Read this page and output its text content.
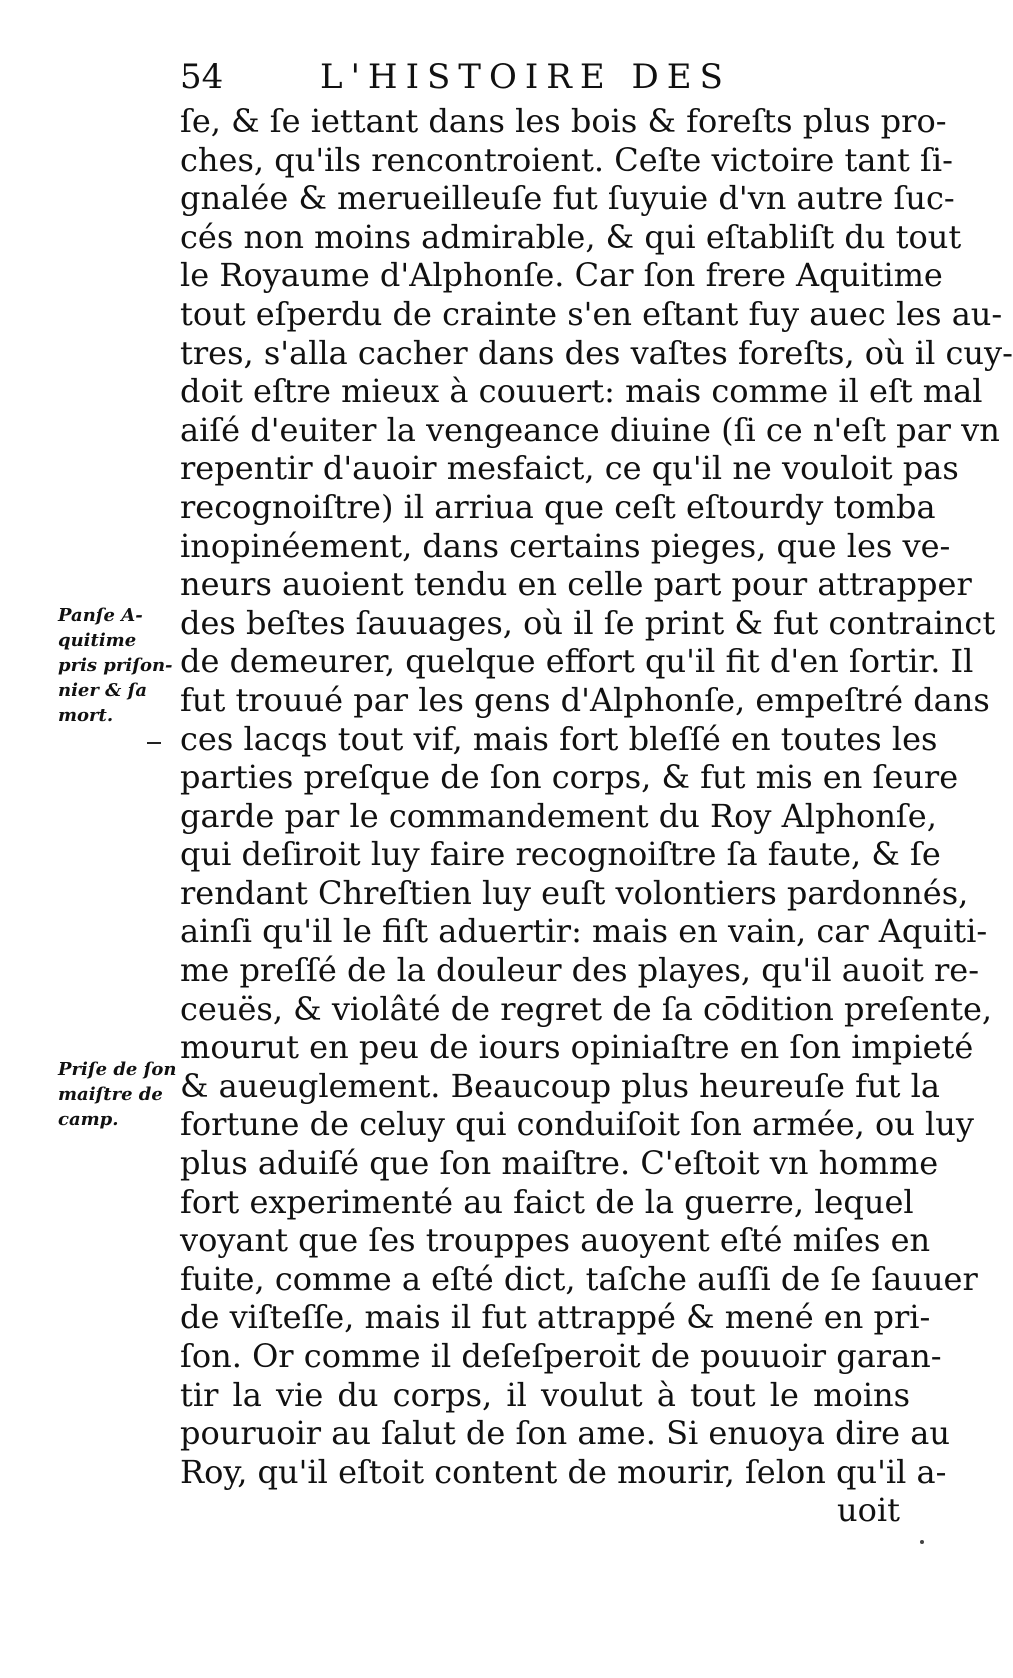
54	L'HISTOIRE DES
ſe, & ſe iettant dans les bois & foreſts plus pro-
ches, qu'ils rencontroient. Ceſte victoire tant ſi-
gnalée & merueilleuſe fut ſuyuie d'vn autre ſuc-
cés non moins admirable, & qui eſtabliſt du tout
le Royaume d'Alphonſe. Car ſon frere Aquitime
tout eſperdu de crainte s'en eſtant fuy auec les au-
tres, s'alla cacher dans des vaſtes foreſts, où il cuy-
doit eſtre mieux à couuert: mais comme il eſt mal
aiſé d'euiter la vengeance diuine (ſi ce n'eſt par vn
repentir d'auoir mesfaict, ce qu'il ne vouloit pas
recognoiſtre) il arriua que ceſt eſtourdy tomba
inopinéement, dans certains pieges, que les ve-
neurs auoient tendu en celle part pour attrapper
des beſtes ſauuages, où il ſe print & fut contrainct
de demeurer, quelque effort qu'il fit d'en ſortir. Il
fut trouué par les gens d'Alphonſe, empeſtré dans
ces lacqs tout vif, mais fort bleſſé en toutes les
parties preſque de ſon corps, & fut mis en ſeure
garde par le commandement du Roy Alphonſe,
qui deſiroit luy faire recognoiſtre ſa faute, & ſe
rendant Chreſtien luy euſt volontiers pardonnés,
ainſi qu'il le fiſt aduertir: mais en vain, car Aquiti-
me preſſé de la douleur des playes, qu'il auoit re-
ceuës, & violâté de regret de ſa cōdition preſente,
mourut en peu de iours opiniaſtre en ſon impieté
& aueuglement. Beaucoup plus heureuſe fut la
fortune de celuy qui conduiſoit ſon armée, ou luy
plus aduiſé que ſon maiſtre. C'eſtoit vn homme
fort experimenté au faict de la guerre, lequel
voyant que ſes trouppes auoyent eſté miſes en
fuite, comme a eſté dict, taſche auſſi de ſe ſauuer
de viſteſſe, mais il fut attrappé & mené en pri-
ſon. Or comme il deſeſperoit de pouuoir garan-
tir la vie du corps, il voulut à tout le moins
pouruoir au ſalut de ſon ame. Si enuoya dire au
Roy, qu'il eſtoit content de mourir, ſelon qu'il a-
uoit
Panſe A-
quitime
pris priſon-
nier & ſa
mort.
Priſe de ſon
maiſtre de
camp.
